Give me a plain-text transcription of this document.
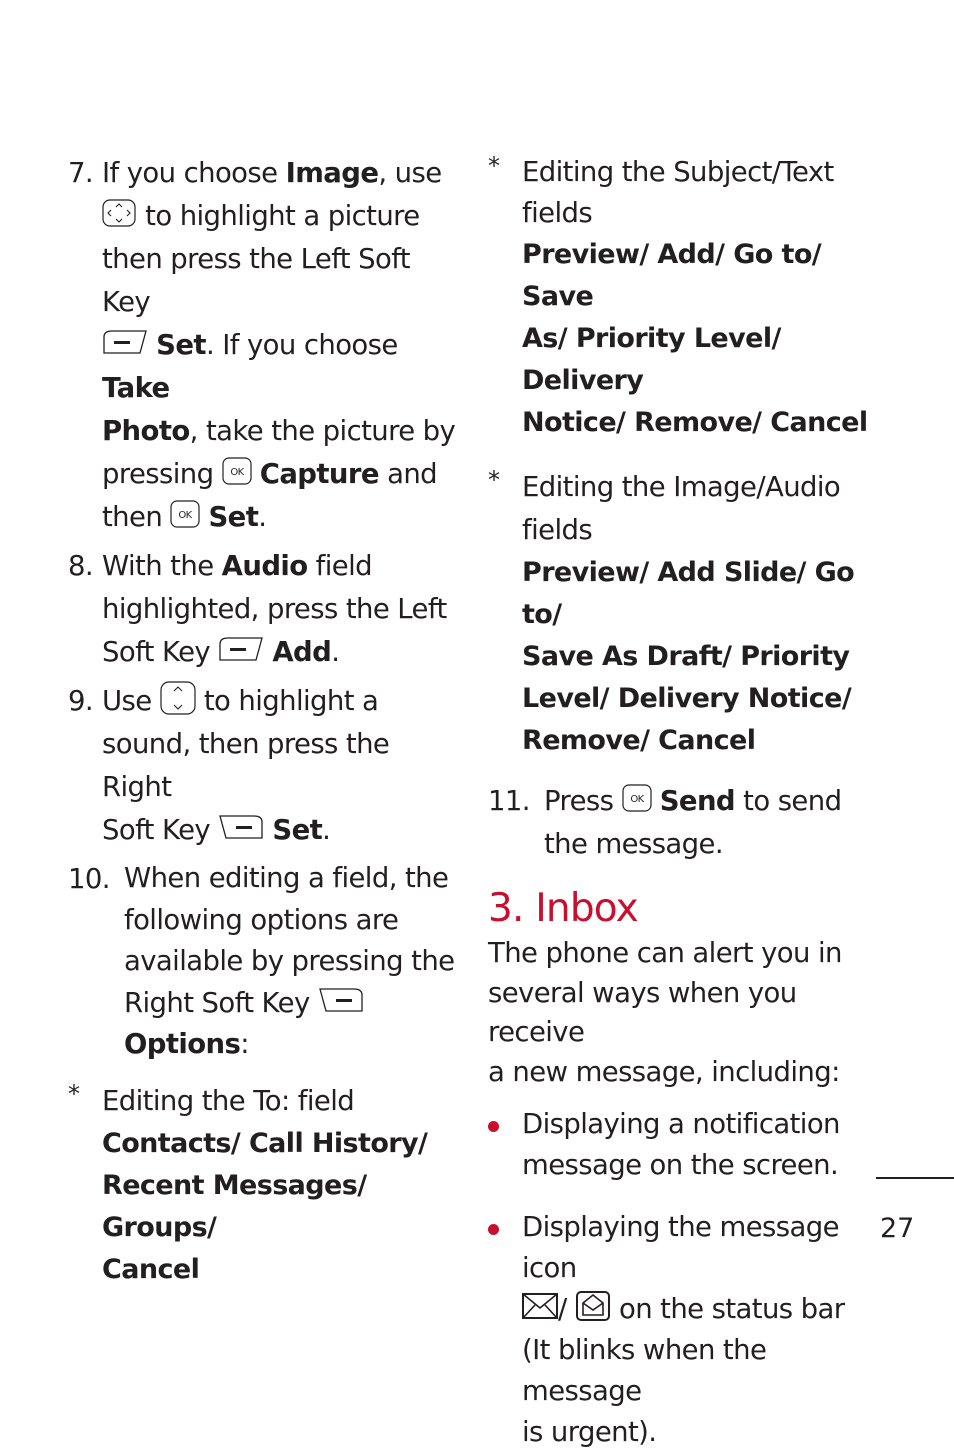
7. If you choose Image, use
to highlight a picture
then press the Left Soft Key
Set. If you choose Take
Photo, take the picture by
pressing  Capture and
then  Set.

8. With the Audio field
highlighted, press the Left
Soft Key  Add.

9. Use  to highlight a
sound, then press the Right
Soft Key  Set.

10. When editing a field, the
following options are
available by pressing the
Right Soft Key
Options:

* Editing the To: field

Contacts/ Call History/

Recent Messages/ Groups/

Cancel

* Editing the Subject/Text

fields

Preview/ Add/ Go to/ Save

As/ Priority Level/ Delivery

Notice/ Remove/ Cancel

* Editing the Image/Audio fields

Preview/ Add Slide/ Go to/

Save As Draft/ Priority

Level/ Delivery Notice/

Remove/ Cancel

11. Press  Send to send
the message.

3. Inbox

The phone can alert you in
several ways when you receive
a new message, including:

Displaying a notification
message on the screen.

Displaying the message icon
/  on the status bar
(It blinks when the message
is urgent).

27
